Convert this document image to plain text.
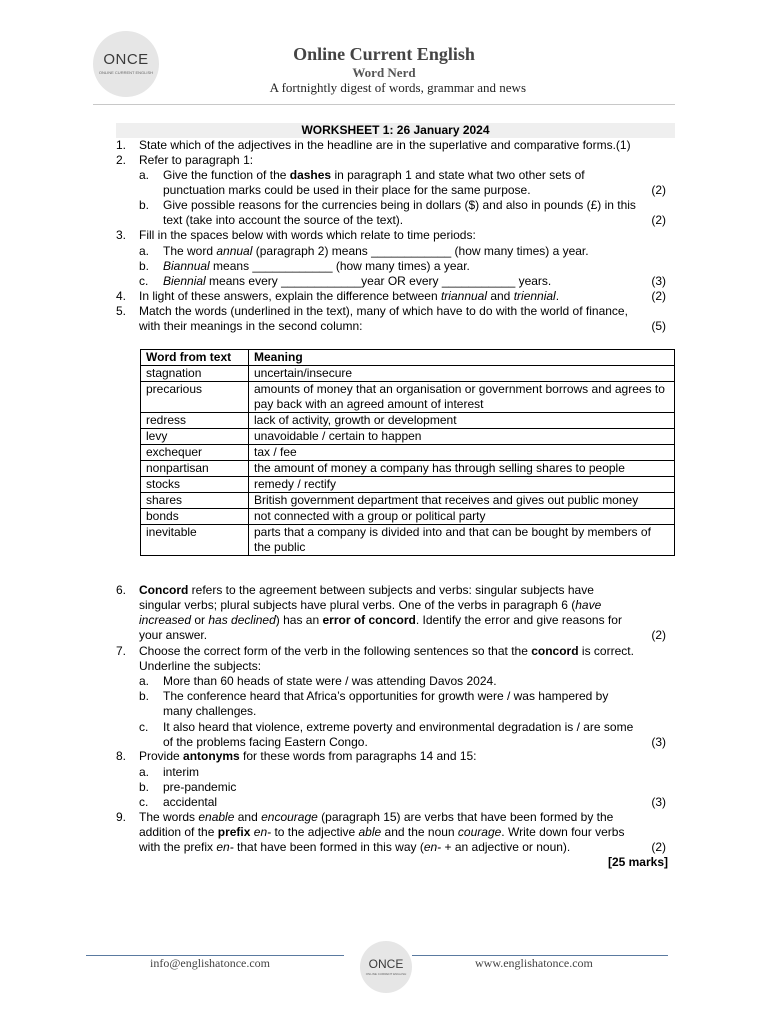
ONCE
ONLINE CURRENT ENGLISH
Online Current English
Word Nerd
A fortnightly digest of words, grammar and news
WORKSHEET 1: 26 January 2024
1. State which of the adjectives in the headline are in the superlative and comparative forms.(1)
2. Refer to paragraph 1:
a. Give the function of the dashes in paragraph 1 and state what two other sets of
punctuation marks could be used in their place for the same purpose.	(2)
b. Give possible reasons for the currencies being in dollars ($) and also in pounds (£) in this
text (take into account the source of the text).	(2)
3. Fill in the spaces below with words which relate to time periods:
a. The word annual (paragraph 2) means ____________ (how many times) a year.
b. Biannual means ____________ (how many times) a year.
c. Biennial means every ____________year OR every ___________ years.	(3)
4. In light of these answers, explain the difference between triannual and triennial.	(2)
5. Match the words (underlined in the text), many of which have to do with the world of finance,
with their meanings in the second column:	(5)
Word from text	Meaning
stagnation	uncertain/insecure
precarious	amounts of money that an organisation or government borrows and agrees to pay back with an agreed amount of interest
redress	lack of activity, growth or development
levy	unavoidable / certain to happen
exchequer	tax / fee
nonpartisan	the amount of money a company has through selling shares to people
stocks	remedy / rectify
shares	British government department that receives and gives out public money
bonds	not connected with a group or political party
inevitable	parts that a company is divided into and that can be bought by members of the public
6. Concord refers to the agreement between subjects and verbs: singular subjects have
singular verbs; plural subjects have plural verbs. One of the verbs in paragraph 6 (have
increased or has declined) has an error of concord. Identify the error and give reasons for
your answer.	(2)
7. Choose the correct form of the verb in the following sentences so that the concord is correct.
Underline the subjects:
a. More than 60 heads of state were / was attending Davos 2024.
b. The conference heard that Africa’s opportunities for growth were / was hampered by
many challenges.
c. It also heard that violence, extreme poverty and environmental degradation is / are some
of the problems facing Eastern Congo.	(3)
8. Provide antonyms for these words from paragraphs 14 and 15:
a. interim
b. pre-pandemic
c. accidental	(3)
9. The words enable and encourage (paragraph 15) are verbs that have been formed by the
addition of the prefix en- to the adjective able and the noun courage. Write down four verbs
with the prefix en- that have been formed in this way (en- + an adjective or noun).	(2)
[25 marks]
info@englishatonce.com	ONCE
ONLINE CURRENT ENGLISH
www.englishatonce.com
